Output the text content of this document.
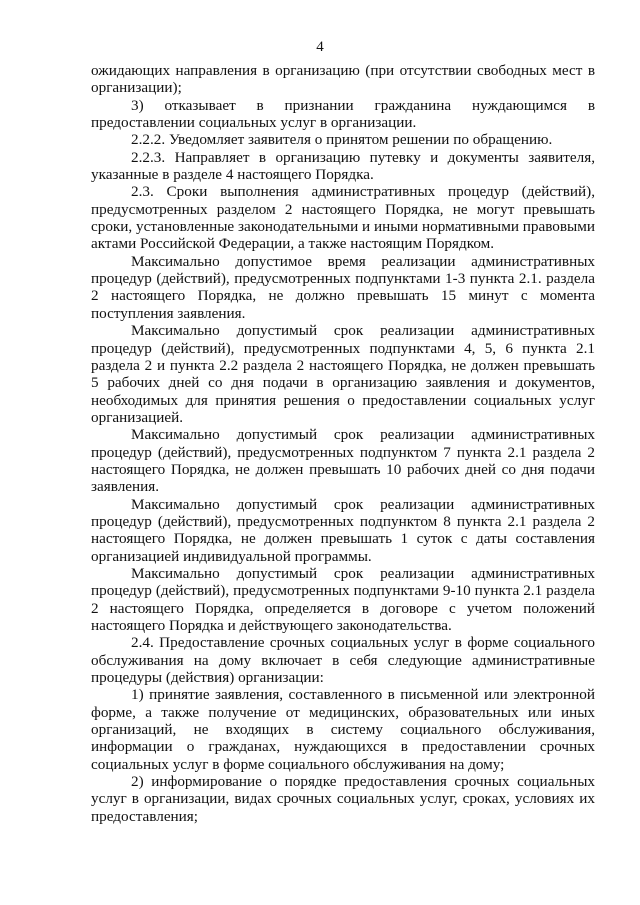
4

ожидающих направления в организацию (при отсутствии свободных мест в организации);

3) отказывает в признании гражданина нуждающимся в предоставлении социальных услуг в организации.

2.2.2. Уведомляет заявителя о принятом решении по обращению.

2.2.3. Направляет в организацию путевку и документы заявителя, указанные в разделе 4 настоящего Порядка.

2.3. Сроки выполнения административных процедур (действий), предусмотренных разделом 2 настоящего Порядка, не могут превышать сроки, установленные законодательными и иными нормативными правовыми актами Российской Федерации, а также настоящим Порядком.

Максимально допустимое время реализации административных процедур (действий), предусмотренных подпунктами 1-3 пункта 2.1. раздела 2 настоящего Порядка, не должно превышать 15 минут с момента поступления заявления.

Максимально допустимый срок реализации административных процедур (действий), предусмотренных подпунктами 4, 5, 6 пункта 2.1 раздела 2 и пункта 2.2 раздела 2 настоящего Порядка, не должен превышать 5 рабочих дней со дня подачи в организацию заявления и документов, необходимых для принятия решения о предоставлении социальных услуг организацией.

Максимально допустимый срок реализации административных процедур (действий), предусмотренных подпунктом 7 пункта 2.1 раздела 2 настоящего Порядка, не должен превышать 10 рабочих дней со дня подачи заявления.

Максимально допустимый срок реализации административных процедур (действий), предусмотренных подпунктом 8 пункта 2.1 раздела 2 настоящего Порядка, не должен превышать 1 суток с даты составления организацией индивидуальной программы.

Максимально допустимый срок реализации административных процедур (действий), предусмотренных подпунктами 9-10 пункта 2.1 раздела 2 настоящего Порядка, определяется в договоре с учетом положений настоящего Порядка и действующего законодательства.

2.4. Предоставление срочных социальных услуг в форме социального обслуживания на дому включает в себя следующие административные процедуры (действия) организации:

1) принятие заявления, составленного в письменной или электронной форме, а также получение от медицинских, образовательных или иных организаций, не входящих в систему социального обслуживания, информации о гражданах, нуждающихся в предоставлении срочных социальных услуг в форме социального обслуживания на дому;

2) информирование о порядке предоставления срочных социальных услуг в организации, видах срочных социальных услуг, сроках, условиях их предоставления;
